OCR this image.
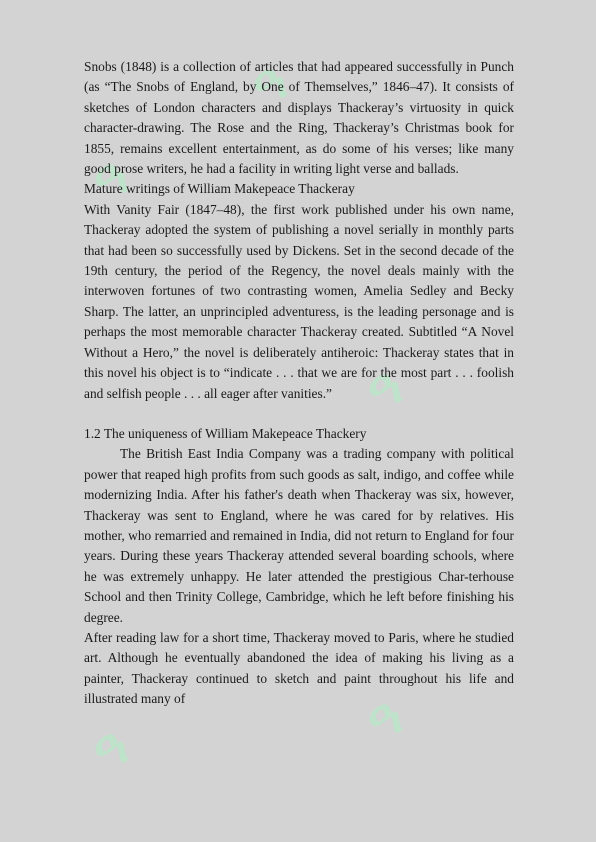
ዓ
ዓ
ዓ
ዓ	ዓ

Snobs (1848) is a collection of articles that had appeared successfully in Punch (as “The Snobs of England, by One of Themselves,” 1846–47). It consists of sketches of London characters and displays Thackeray’s virtuosity in quick character-drawing. The Rose and the Ring, Thackeray’s Christmas book for 1855, remains excellent entertainment, as do some of his verses; like many good prose writers, he had a facility in writing light verse and ballads.

Mature writings of William Makepeace Thackeray

With Vanity Fair (1847–48), the first work published under his own name, Thackeray adopted the system of publishing a novel serially in monthly parts that had been so successfully used by Dickens. Set in the second decade of the 19th century, the period of the Regency, the novel deals mainly with the interwoven fortunes of two contrasting women, Amelia Sedley and Becky Sharp. The latter, an unprincipled adventuress, is the leading personage and is perhaps the most memorable character Thackeray created. Subtitled “A Novel Without a Hero,” the novel is deliberately antiheroic: Thackeray states that in this novel his object is to “indicate . . . that we are for the most part . . . foolish and selfish people . . . all eager after vanities.”

1.2 The uniqueness of William Makepeace Thackery

The British East India Company was a trading company with political power that reaped high profits from such goods as salt, indigo, and coffee while modernizing India. After his father's death when Thackeray was six, however, Thackeray was sent to England, where he was cared for by relatives. His mother, who remarried and remained in India, did not return to England for four years. During these years Thackeray attended several boarding schools, where he was extremely unhappy. He later attended the prestigious Char-terhouse School and then Trinity College, Cambridge, which he left before finishing his degree.

After reading law for a short time, Thackeray moved to Paris, where he studied art. Although he eventually abandoned the idea of making his living as a painter, Thackeray continued to sketch and paint throughout his life and illustrated many of
